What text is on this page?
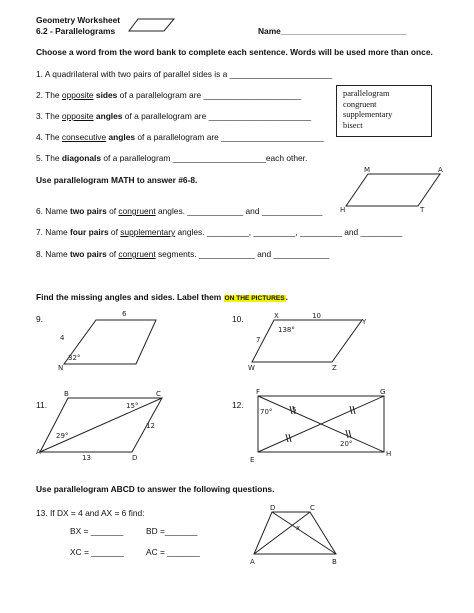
Geometry Worksheet
6.2 - Parallelograms	Name___________________________
Choose a word from the word bank to complete each sentence. Words will be used more than once.
parallelogram
congruent
supplementary
bisect
1. A quadrilateral with two pairs of parallel sides is a ______________________
2. The opposite sides of a parallelogram are _____________________
3. The opposite angles of a parallelogram are ______________________
4. The consecutive angles of a parallelogram are ______________________
5. The diagonals of a parallelogram ____________________each other.
Use parallelogram MATH to answer #6-8.
M	A
H	T
6. Name two pairs of congruent angles. ____________ and _____________
7. Name four pairs of supplementary angles. _________, _________, _________ and _________
8. Name two pairs of congruent segments. ____________ and ____________
Find the missing angles and sides. Label them ON THE PICTURES.
9.	6
4
32°
N
10.	X	10
Y
138°
7
W	Z
11.
B	C
15°
29°
12
A
13	D
12.
F	G
70°	5
20°
E
H
Use parallelogram ABCD to answer the following questions.
13. If DX = 4 and AX = 6 find:
BX = _______	BD =_______
XC = _______	AC = _______
D	C
x
A	B
